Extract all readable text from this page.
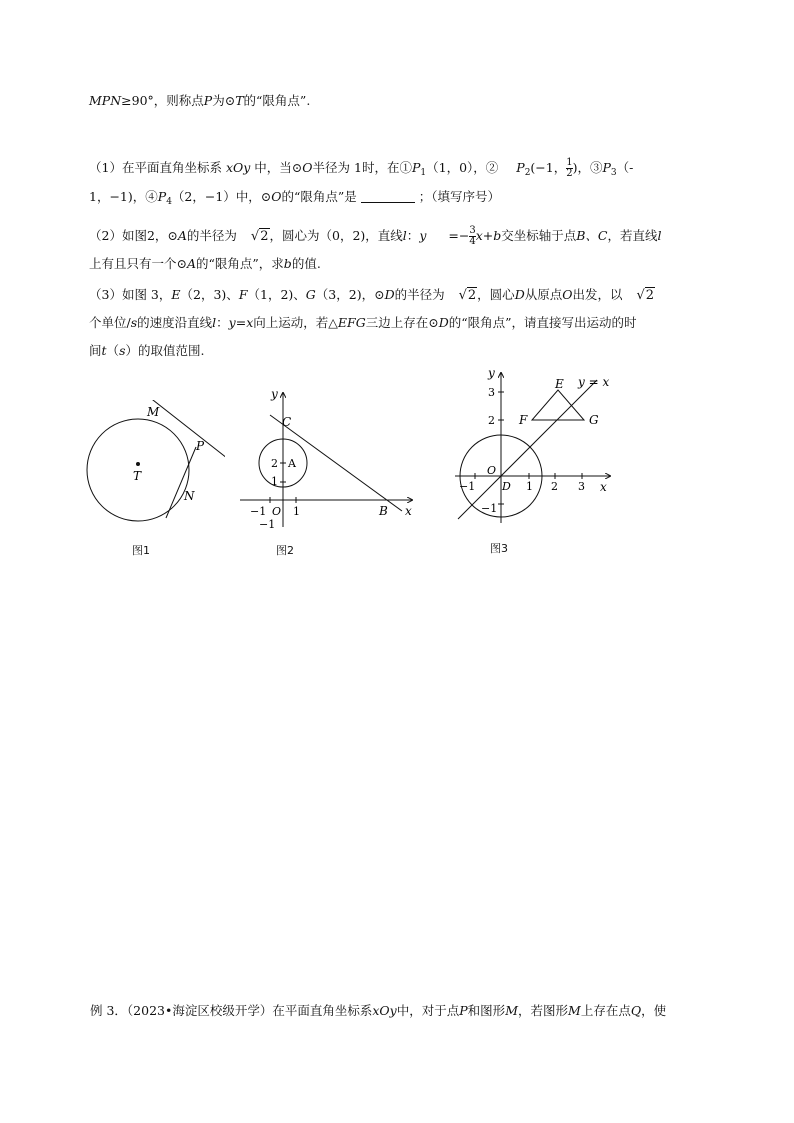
MPN≥90°，则称点P为⊙T的“限角点”.
（1）在平面直角坐标系 xOy 中，当⊙O半径为 1时，在$①P_1(1$，0），② $P_2(-1$， $\frac{1}{2}$ )，$③P_3(-$
1，−1)，$④P_4(2$，−1）中，⊙O的“限角点”是	；（填写序号）
（2）如图2，⊙A的半径为 √2，圆心为（0，2)，直线l：$y =- \frac{3}{4} x+b$交坐标轴于点B、C，若直线l
上有且只有一个⊙A的“限角点”，求b的值.
（3）如图 3，E（2，3)、F（1，2)、G（3，2)，⊙D的半径为 √2，圆心D从原点O出发，以 √2
个单位/s的速度沿直线l：y=x向上运动，若△EFG三边上存在⊙D的“限角点”，请直接写出运动的时
间t（s）的取值范围.
M
P
T
N
图1
y
C
2 A
1
−1 O 1
−1
B x
图2
y
E y = x
3
F	G
2
O
−1 D 1 2 3 x
−1
图3
例 3．（2023•海淀区校级开学）在平面直角坐标系xOy中，对于点P和图形M，若图形M上存在点Q，使
